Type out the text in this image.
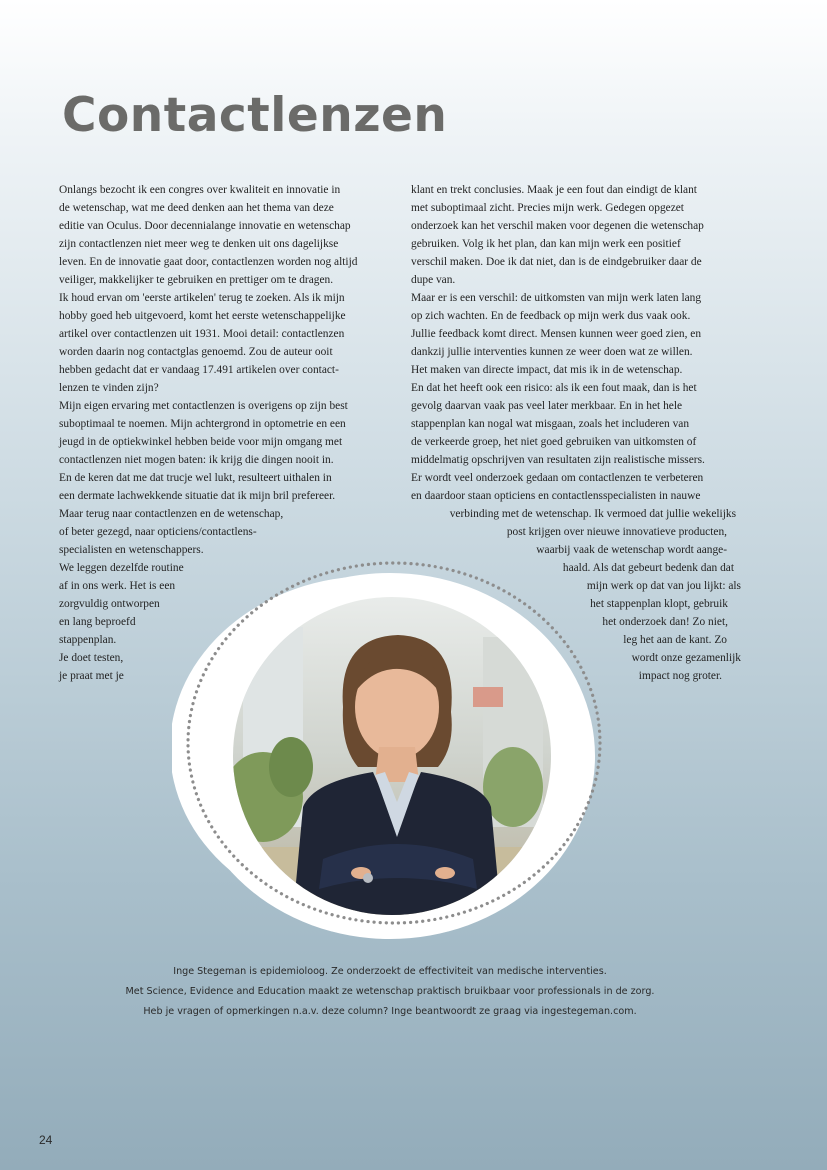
Contactlenzen
Onlangs bezocht ik een congres over kwaliteit en innovatie in
de wetenschap, wat me deed denken aan het thema van deze
editie van Oculus. Door decennialange innovatie en wetenschap
zijn contactlenzen niet meer weg te denken uit ons dagelijkse
leven. En de innovatie gaat door, contactlenzen worden nog altijd
veiliger, makkelijker te gebruiken en prettiger om te dragen.
Ik houd ervan om 'eerste artikelen' terug te zoeken. Als ik mijn
hobby goed heb uitgevoerd, komt het eerste wetenschappelijke
artikel over contactlenzen uit 1931. Mooi detail: contactlenzen
worden daarin nog contactglas genoemd. Zou de auteur ooit
hebben gedacht dat er vandaag 17.491 artikelen over contact-
lenzen te vinden zijn?
Mijn eigen ervaring met contactlenzen is overigens op zijn best
suboptimaal te noemen. Mijn achtergrond in optometrie en een
jeugd in de optiekwinkel hebben beide voor mijn omgang met
contactlenzen niet mogen baten: ik krijg die dingen nooit in.
En de keren dat me dat trucje wel lukt, resulteert uithalen in
een dermate lachwekkende situatie dat ik mijn bril prefereer.
Maar terug naar contactlenzen en de wetenschap,
of beter gezegd, naar opticiens/contactlens-
specialisten en wetenschappers.
We leggen dezelfde routine
af in ons werk. Het is een
zorgvuldig ontworpen
en lang beproefd
stappenplan.
Je doet testen,
je praat met je
klant en trekt conclusies. Maak je een fout dan eindigt de klant
met suboptimaal zicht. Precies mijn werk. Gedegen opgezet
onderzoek kan het verschil maken voor degenen die wetenschap
gebruiken. Volg ik het plan, dan kan mijn werk een positief
verschil maken. Doe ik dat niet, dan is de eindgebruiker daar de
dupe van.
Maar er is een verschil: de uitkomsten van mijn werk laten lang
op zich wachten. En de feedback op mijn werk dus vaak ook.
Jullie feedback komt direct. Mensen kunnen weer goed zien, en
dankzij jullie interventies kunnen ze weer doen wat ze willen.
Het maken van directe impact, dat mis ik in de wetenschap.
En dat het heeft ook een risico: als ik een fout maak, dan is het
gevolg daarvan vaak pas veel later merkbaar. En in het hele
stappenplan kan nogal wat misgaan, zoals het includeren van
de verkeerde groep, het niet goed gebruiken van uitkomsten of
middelmatig opschrijven van resultaten zijn realistische missers.
Er wordt veel onderzoek gedaan om contactlenzen te verbeteren
en daardoor staan opticiens en contactlensspecialisten in nauwe
verbinding met de wetenschap. Ik vermoed dat jullie wekelijks
post krijgen over nieuwe innovatieve producten,
waarbij vaak de wetenschap wordt aange-
haald. Als dat gebeurt bedenk dan dat
mijn werk op dat van jou lijkt: als
het stappenplan klopt, gebruik
het onderzoek dan! Zo niet,
leg het aan de kant. Zo
wordt onze gezamenlijk
impact nog groter.
Inge Stegeman is epidemioloog. Ze onderzoekt de effectiviteit van medische interventies.
Met Science, Evidence and Education maakt ze wetenschap praktisch bruikbaar voor professionals in de zorg.
Heb je vragen of opmerkingen n.a.v. deze column? Inge beantwoordt ze graag via ingestegeman.com.
24
